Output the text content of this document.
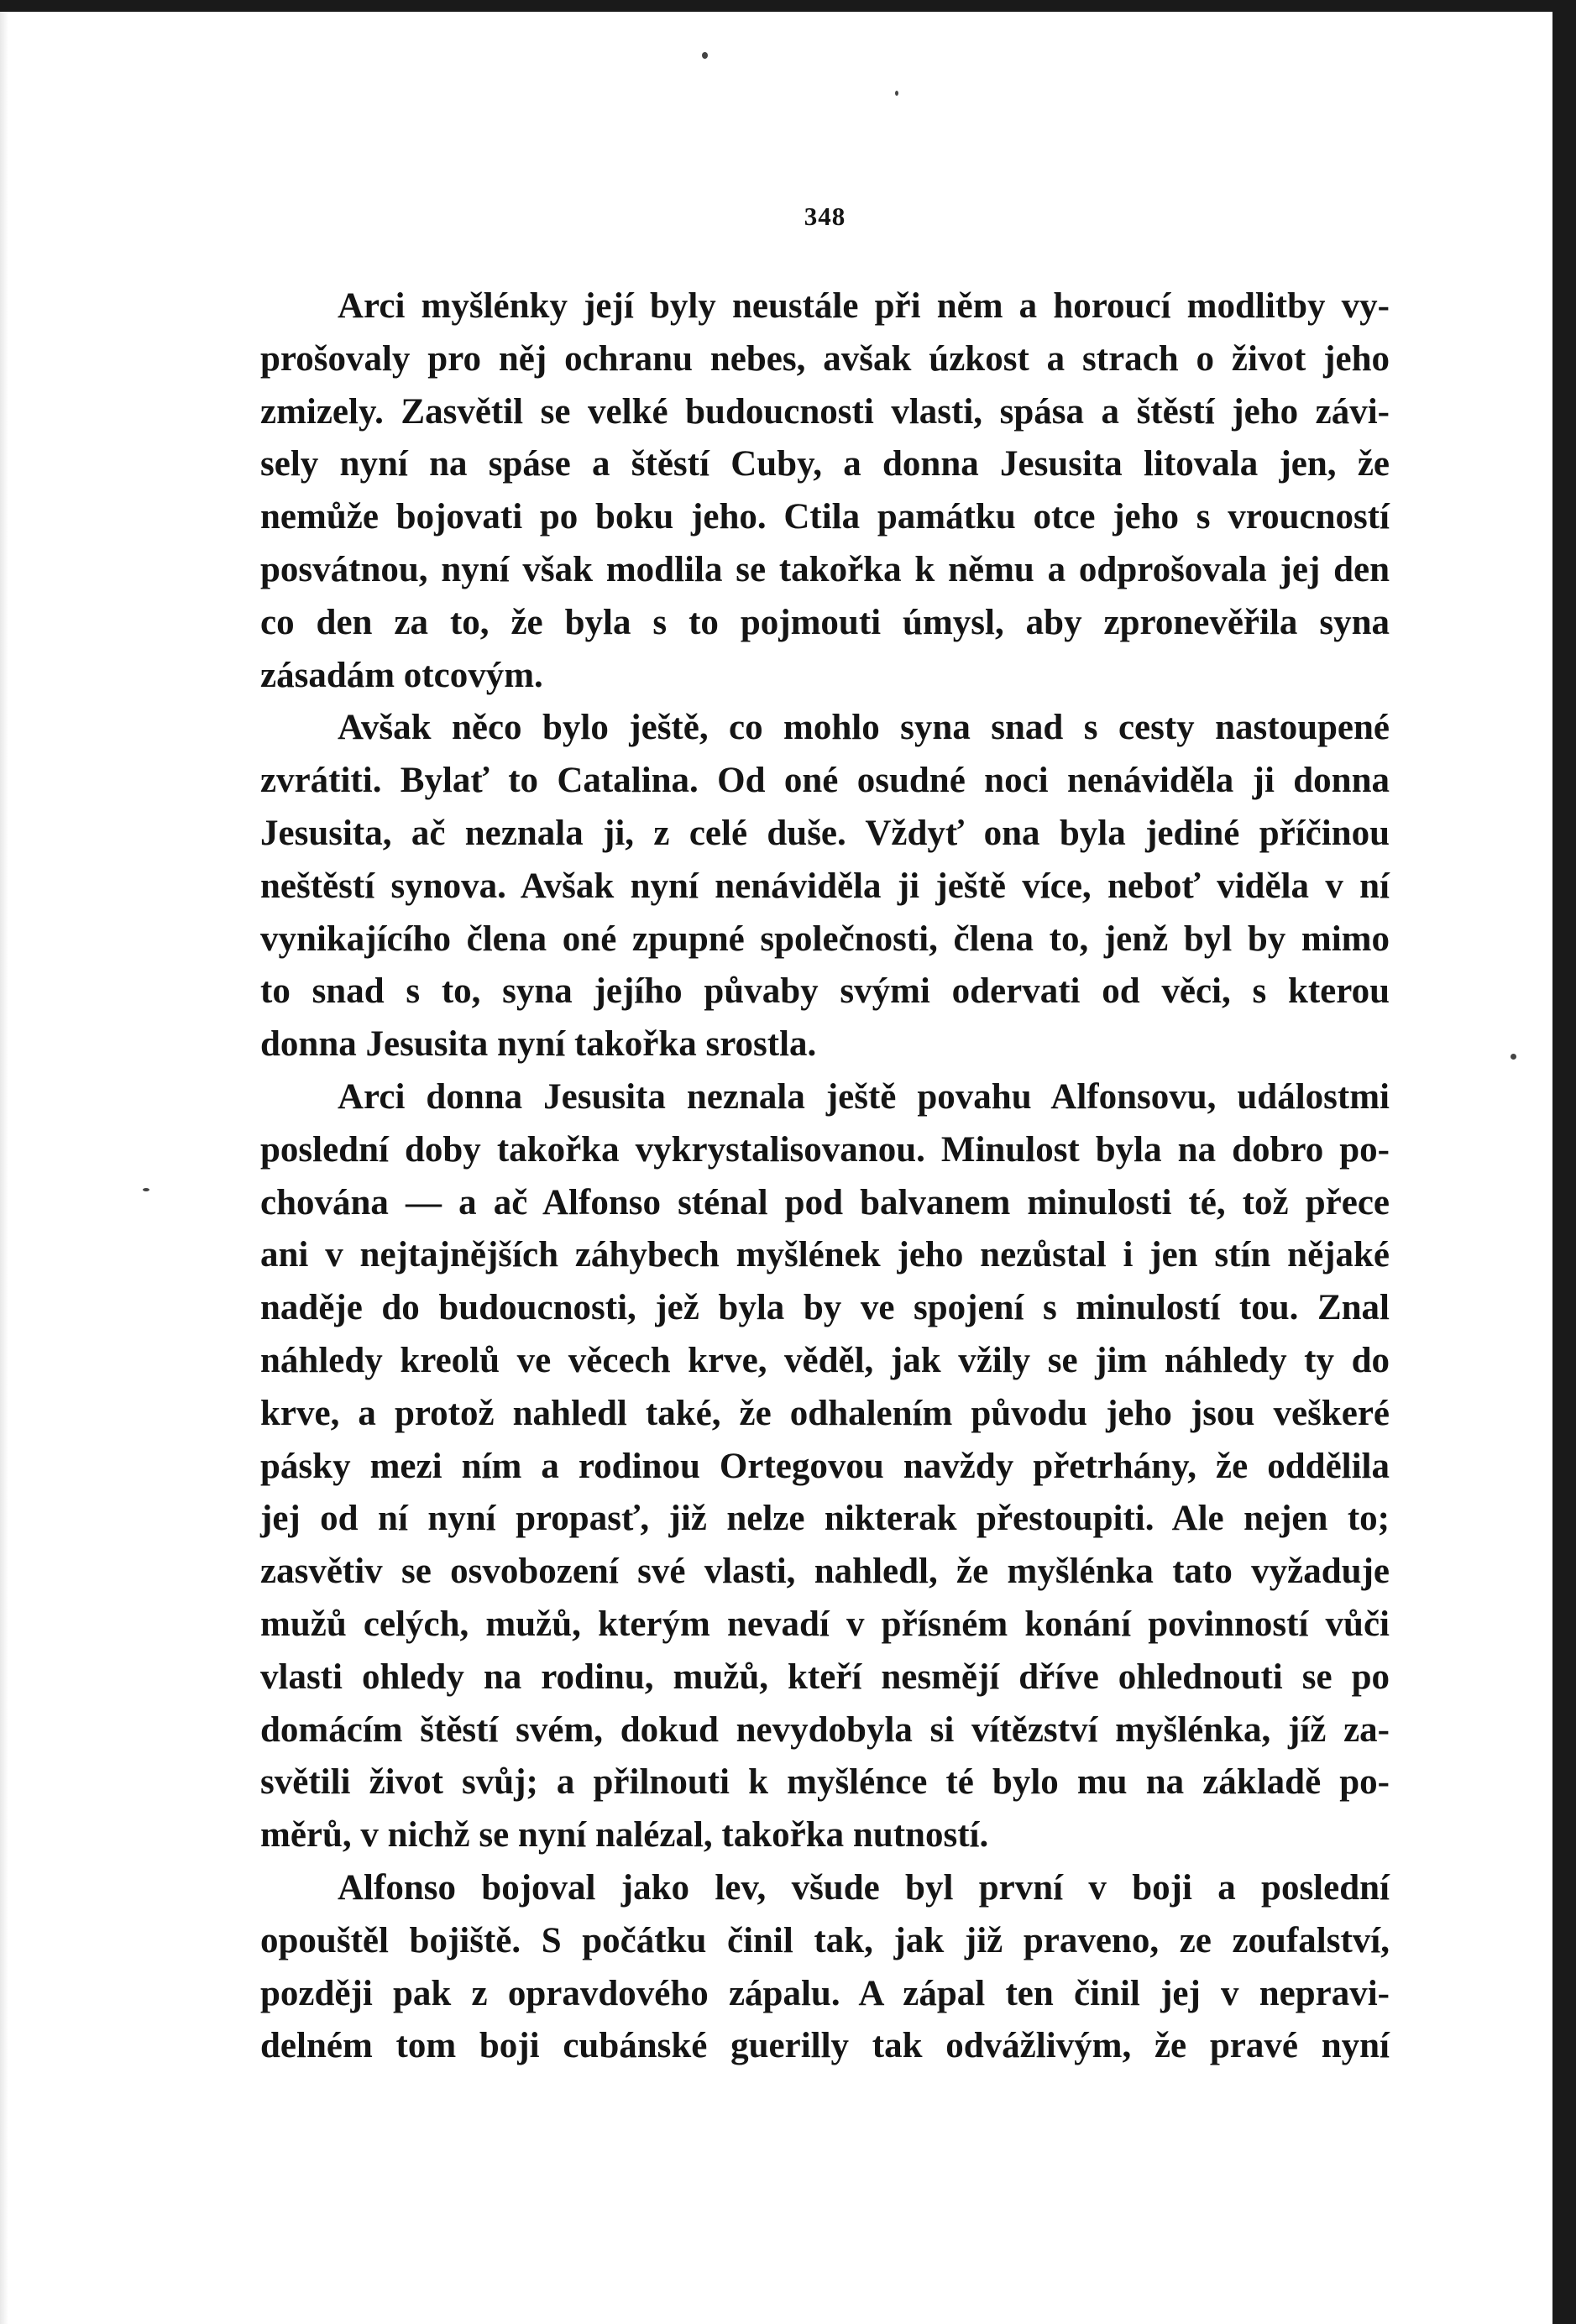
348

Arci myšlénky její byly neustále při něm a horoucí modlitby vy-
prošovaly pro něj ochranu nebes, avšak úzkost a strach o život jeho
zmizely. Zasvětil se velké budoucnosti vlasti, spása a štěstí jeho závi-
sely nyní na spáse a štěstí Cuby, a donna Jesusita litovala jen, že
nemůže bojovati po boku jeho. Ctila památku otce jeho s vroucností
posvátnou, nyní však modlila se takořka k němu a odprošovala jej den
co den za to, že byla s to pojmouti úmysl, aby zpronevěřila syna
zásadám otcovým.

Avšak něco bylo ještě, co mohlo syna snad s cesty nastoupené
zvrátiti. Bylať to Catalina. Od oné osudné noci nenáviděla ji donna
Jesusita, ač neznala ji, z celé duše. Vždyť ona byla jediné příčinou
neštěstí synova. Avšak nyní nenáviděla ji ještě více, neboť viděla v ní
vynikajícího člena oné zpupné společnosti, člena to, jenž byl by mimo
to snad s to, syna jejího půvaby svými odervati od věci, s kterou
donna Jesusita nyní takořka srostla.

Arci donna Jesusita neznala ještě povahu Alfonsovu, událostmi
poslední doby takořka vykrystalisovanou. Minulost byla na dobro po-
chována — a ač Alfonso sténal pod balvanem minulosti té, tož přece
ani v nejtajnějších záhybech myšlének jeho nezůstal i jen stín nějaké
naděje do budoucnosti, jež byla by ve spojení s minulostí tou. Znal
náhledy kreolů ve věcech krve, věděl, jak vžily se jim náhledy ty do
krve, a protož nahledl také, že odhalením původu jeho jsou veškeré
pásky mezi ním a rodinou Ortegovou navždy přetrhány, že oddělila
jej od ní nyní propasť, již nelze nikterak přestoupiti. Ale nejen to;
zasvětiv se osvobození své vlasti, nahledl, že myšlénka tato vyžaduje
mužů celých, mužů, kterým nevadí v přísném konání povinností vůči
vlasti ohledy na rodinu, mužů, kteří nesmějí dříve ohlednouti se po
domácím štěstí svém, dokud nevydobyla si vítězství myšlénka, jíž za-
světili život svůj; a přilnouti k myšlénce té bylo mu na základě po-
měrů, v nichž se nyní nalézal, takořka nutností.

Alfonso bojoval jako lev, všude byl první v boji a poslední
opouštěl bojiště. S počátku činil tak, jak již praveno, ze zoufalství,
později pak z opravdového zápalu. A zápal ten činil jej v nepravi-
delném tom boji cubánské guerilly tak odvážlivým, že pravé nyní
